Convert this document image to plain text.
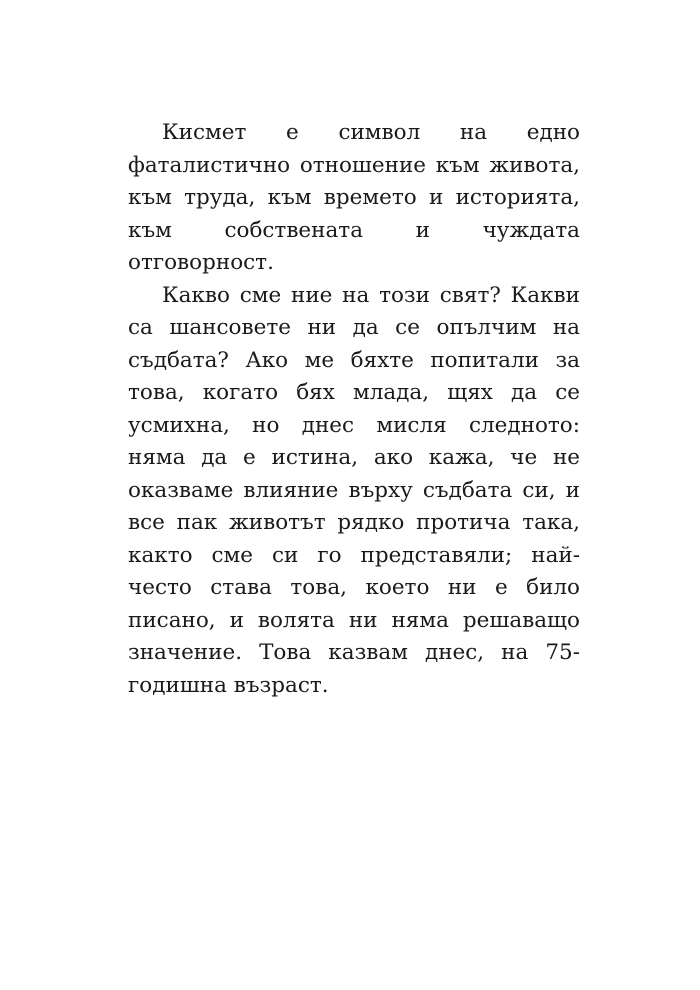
Кисмет е символ на едно фаталистично отношение към живота, към труда, към времето и историята, към собствената и чуждата отговорност.

Какво сме ние на този свят? Какви са шансовете ни да се опълчим на съдбата? Ако ме бяхте попитали за това, когато бях млада, щях да се усмихна, но днес мисля следното: няма да е истина, ако кажа, че не оказваме влияние върху съдбата си, и все пак животът рядко протича така, както сме си го представяли; най-често става това, което ни е било писано, и волята ни няма решаващо значение. Това казвам днес, на 75-годишна възраст.
